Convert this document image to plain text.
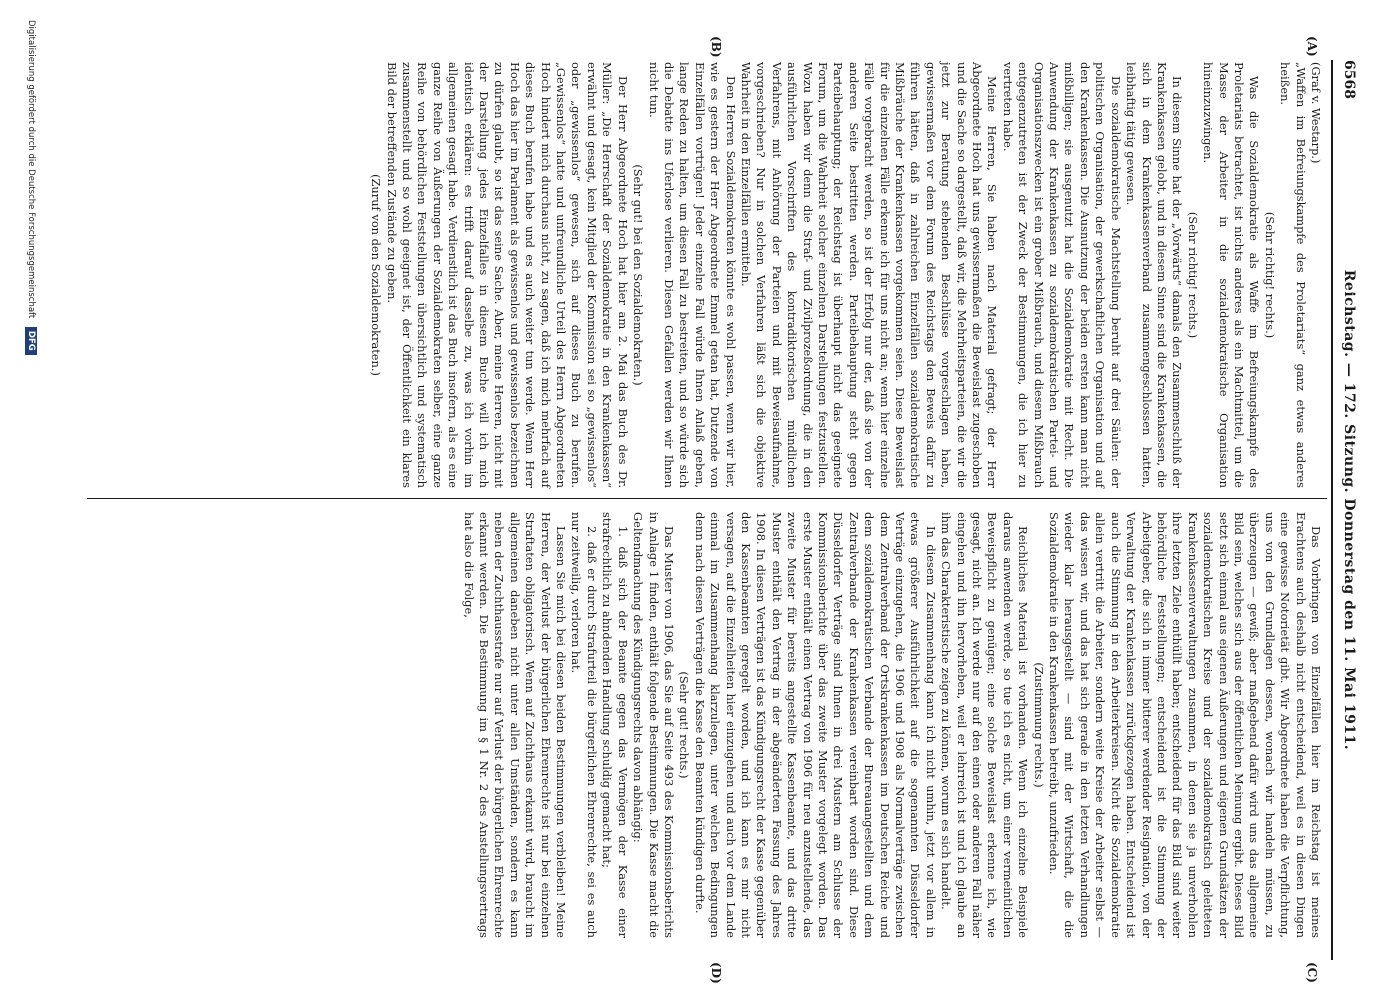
6568
Reichstag. — 172. Sitzung. Donnerstag den 11. Mai 1911.
(A)
(B)
(C)
(D)

(Graf v. Westarp.)

„Waffen im Befreiungskampfe des Proletariats“ ganz etwas anderes heißen.

(Sehr richtig! rechts.)

Was die Sozialdemokratie als Waffe im Befreiungskampfe des Proletariats betrachtet, ist nichts anderes als ein Machtmittel, um die Masse der Arbeiter in die sozialdemokratische Organisation hineinzuzwingen.

(Sehr richtig! rechts.)

In diesem Sinne hat der „Vorwärts“ damals den Zusammenschluß der Krankenkassen gelobt, und in diesem Sinne sind die Krankenkassen, die sich in dem Krankenkassenverband zusammengeschlossen hatten, leibhaftig tätig gewesen.

Die sozialdemokratische Machtstellung beruht auf drei Säulen: der politischen Organisation, der gewerkschaftlichen Organisation und auf den Krankenkassen. Die Ausnutzung der beiden ersten kann man nicht mißbilligen; sie ausgenutzt hat die Sozialdemokratie mit Recht. Die Anwendung der Krankenkassen zu sozialdemokratischen Partei- und Organisationszwecken ist ein grober Mißbrauch, und diesem Mißbrauch entgegenzutreten ist der Zweck der Bestimmungen, die ich hier zu vertreten habe.

Meine Herren, Sie haben nach Material gefragt; der Herr Abgeordnete Hoch hat uns gewissermaßen die Beweislast zugeschoben und die Sache so dargestellt, daß wir, die Mehrheitsparteien, die wir die jetzt zur Beratung stehenden Beschlüsse vorgeschlagen haben, gewissermaßen vor dem Forum des Reichstags den Beweis dafür zu führen hätten, daß in zahlreichen Einzelfällen sozialdemokratische Mißbräuche der Krankenkassen vorgekommen seien. Diese Beweislast für die einzelnen Fälle erkenne ich für uns nicht an; wenn hier einzelne Fälle vorgebracht werden, so ist der Erfolg nur der, daß sie von der anderen Seite bestritten werden. Parteibehauptung steht gegen Parteibehauptung; der Reichstag ist überhaupt nicht das geeignete Forum, um die Wahrheit solcher einzelnen Darstellungen festzustellen. Wozu haben wir denn die Straf- und Zivilprozeßordnung, die in den ausführlichen Vorschriften des kontradiktorischen mündlichen Verfahrens, mit Anhörung der Parteien und mit Beweisaufnahme, vorgeschrieben? Nur in solchen Verfahren läßt sich die objektive Wahrheit in den Einzelfällen ermitteln.

Den Herren Sozialdemokraten könnte es wohl passen, wenn wir hier, wie es gestern der Herr Abgeordnete Emmel getan hat, Dutzende von Einzelfällen vortrügen! Jeder einzelne Fall würde Ihnen Anlaß geben, lange Reden zu halten, um diesen Fall zu bestreiten, und so würde sich die Debatte ins Uferlose verlieren. Diesen Gefallen werden wir Ihnen nicht tun.

(Sehr gut! bei den Sozialdemokraten.)

Der Herr Abgeordnete Hoch hat hier am 2. Mai das Buch des Dr. Müller: „Die Herrschaft der Sozialdemokratie in den Krankenkassen“ erwähnt und gesagt, kein Mitglied der Kommission sei so „gewissenlos“ oder „gewissenlos“ gewesen, sich auf dieses Buch zu berufen. „Gewissenlos“ hatte und unfreundliche Urteil des Herrn Abgeordneten Hoch hindert mich durchaus nicht, zu sagen, daß ich mich mehrfach auf dieses Buch berufen habe und es auch weiter tun werde. Wenn Herr Hoch das hier im Parlament als gewissenlos und gewissenlos bezeichnen zu dürfen glaubt, so ist das seine Sache. Aber, meine Herren, nicht mit der Darstellung jedes Einzelfalles in diesem Buche will ich mich identisch erklären: es trifft darauf dasselbe zu, was ich vorhin im allgemeinen gesagt habe. Verdienstlich ist das Buch insofern, als es eine ganze Reihe von Äußerungen der Sozialdemokraten selber, eine ganze Reihe von behördlichen Feststellungen übersichtlich und systematisch zusammenstellt und so wohl geeignet ist, der Öffentlichkeit ein klares Bild der betreffenden Zustände zu geben.

(Zuruf von den Sozialdemokraten.)

Das Vorbringen von Einzelfällen hier im Reichstag ist meines Erachtens auch deshalb nicht entscheidend, weil es in diesen Dingen eine gewisse Notorietät gibt. Wir Abgeordnete haben die Verpflichtung, uns von den Grundlagen dessen, wonach wir handeln müssen, zu überzeugen — gewiß; aber maßgebend dafür wird uns das allgemeine Bild sein, welches sich aus der öffentlichen Meinung ergibt. Dieses Bild setzt sich einmal aus eigenen Äußerungen und eigenen Grundsätzen der sozialdemokratischen Kreise und der sozialdemokratisch geleiteten Krankenkassenverwaltungen zusammen, in denen sie ja unverhohlen ihre letzten Ziele enthüllt haben; entscheidend für das Bild sind weiter behördliche Feststellungen; entscheidend ist die Stimmung der Arbeitgeber, die sich in immer bitterer werdender Resignation, von der Verwaltung der Krankenkassen zurückgezogen haben. Entscheidend ist auch die Stimmung in den Arbeiterkreisen. Nicht die Sozialdemokratie allein vertritt die Arbeiter, sondern weite Kreise der Arbeiter selbst — das wissen wir, und das hat sich gerade in den letzten Verhandlungen wieder klar herausgestellt — sind mit der Wirtschaft, die die Sozialdemokratie in den Krankenkassen betreibt, unzufrieden.

(Zustimmung rechts.)

Reichliches Material ist vorhanden. Wenn ich einzelne Beispiele daraus anwenden werde, so tue ich es nicht, um einer vermeintlichen Beweispflicht zu genügen; eine solche Beweislast erkenne ich, wie gesagt, nicht an. Ich werde nur auf den einen oder anderen Fall näher eingehen und ihn hervorheben, weil er lehrreich ist und ich glaube an ihm das Charakteristische zeigen zu können, worum es sich handelt.

In diesem Zusammenhang kann ich nicht umhin, jetzt vor allem in etwas größerer Ausführlichkeit auf die sogenannten Düsseldorfer Verträge einzugehen, die 1906 und 1908 als Normalverträge zwischen dem Zentralverband der Ortskrankenkassen im Deutschen Reiche und dem sozialdemokratischen Verbande der Bureauangestellten und dem Zentralverbande der Krankenkassen vereinbart worden sind. Diese Düsseldorfer Verträge sind Ihnen in drei Mustern am Schlusse der Kommissionsberichte über das zweite Muster vorgelegt worden. Das erste Muster enthält einen Vertrag von 1906 für neu anzustellende, das zweite Muster für bereits angestellte Kassenbeamte, und das dritte Muster enthält den Vertrag in der abgeänderten Fassung des Jahres 1908. In diesen Verträgen ist das Kündigungsrecht der Kasse gegenüber den Kassenbeamten geregelt worden, und ich kann es mir nicht versagen, auf die Einzelheiten hier einzugehen und auch vor dem Lande einmal im Zusammenhang klarzulegen, unter welchen Bedingungen denn nach diesen Verträgen die Kasse den Beamten kündigen durfte.

(Sehr gut! rechts.)

Das Muster von 1906, das Sie auf Seite 493 des Kommissionsberichts in Anlage 1 finden, enthält folgende Bestimmungen. Die Kasse macht die Geltendmachung des Kündigungsrechts davon abhängig:

1. daß sich der Beamte gegen das Vermögen der Kasse einer strafrechtlich zu ahndenden Handlung schuldig gemacht hat;

2. daß er durch Strafurteil die bürgerlichen Ehrenrechte, sei es auch nur zeitweilig, verloren hat.

Lassen Sie mich bei diesen beiden Bestimmungen verbleiben! Meine Herren, der Verlust der bürgerlichen Ehrenrechte ist nur bei einzelnen Straftaten obligatorisch. Wenn auf Zuchthaus erkannt wird, braucht im allgemeinen daneben nicht unter allen Umständen, sondern es kann neben der Zuchthausstrafe nur auf Verlust der bürgerlichen Ehrenrechte erkannt werden. Die Bestimmung im § 1 Nr. 2 des Anstellungsvertrags hat also die Folge,

Digitalisierung gefördert durch die Deutsche Forschungsgemeinschaft DFG
